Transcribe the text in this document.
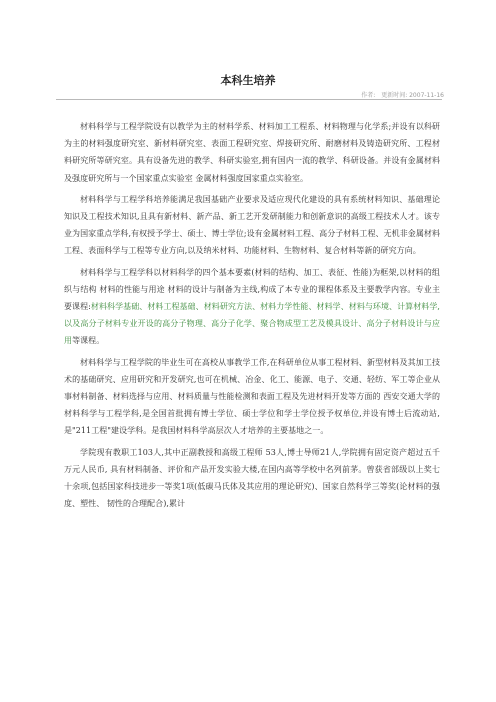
本科生培养
作者: 更新时间: 2007-11-16

材料科学与工程学院设有以教学为主的材料学系、材料加工工程系、材料物理与化学系;并设有以科研为主的材料强度研究室、新材料研究室、表面工程研究室、焊接研究所、耐磨材料及铸造研究所、工程材料研究所等研究室。具有设备先进的教学、科研实验室,拥有国内一流的教学、科研设备。并设有金属材料及强度研究所与一个国家重点实验室 金属材料强度国家重点实验室。

材料科学与工程学科培养能满足我国基础产业要求及适应现代化建设的具有系统材料知识、基础理论知识及工程技术知识,且具有新材料、新产品、新工艺开发研制能力和创新意识的高级工程技术人才。该专业为国家重点学科,有权授予学士、硕士、博士学位;设有金属材料工程、高分子材料工程、无机非金属材料工程、表面科学与工程等专业方向,以及纳米材料、功能材料、生物材料、复合材料等新的研究方向。

材料科学与工程学科以材料科学的四个基本要素(材料的结构、加工、表征、性能)为框架,以材料的组织与结构 材料的性能与用途 材料的设计与制备为主线,构成了本专业的课程体系及主要教学内容。专业主要课程:材料科学基础、材料工程基础、材料研究方法、材料力学性能、材料学、材料与环境、计算材料学,以及高分子材料专业开设的高分子物理、高分子化学、聚合物成型工艺及模具设计、高分子材料设计与应用等课程。

材料科学与工程学院的毕业生可在高校从事教学工作,在科研单位从事工程材料、新型材料及其加工技术的基础研究、应用研究和开发研究,也可在机械、冶金、化工、能源、电子、交通、轻纺、军工等企业从事材料制备、材料选择与应用、材料质量与性能检测和表面工程及先进材料开发等方面的 西安交通大学的材料科学与工程学科,是全国首批拥有博士学位、硕士学位和学士学位授予权单位,并设有博士后流动站,是"211工程"建设学科。是我国材料科学高层次人才培养的主要基地之一。

学院现有教职工103人,其中正副教授和高级工程师 53人,博士导师21人,学院拥有固定资产超过五千万元人民币, 具有材料制备、评价和产品开发实验大楼,在国内高等学校中名列前茅。曾获省部级以上奖七十余项,包括国家科技进步一等奖1项(低碳马氏体及其应用的理论研究)、国家自然科学三等奖(论材料的强度、塑性、 韧性的合理配合),累计
